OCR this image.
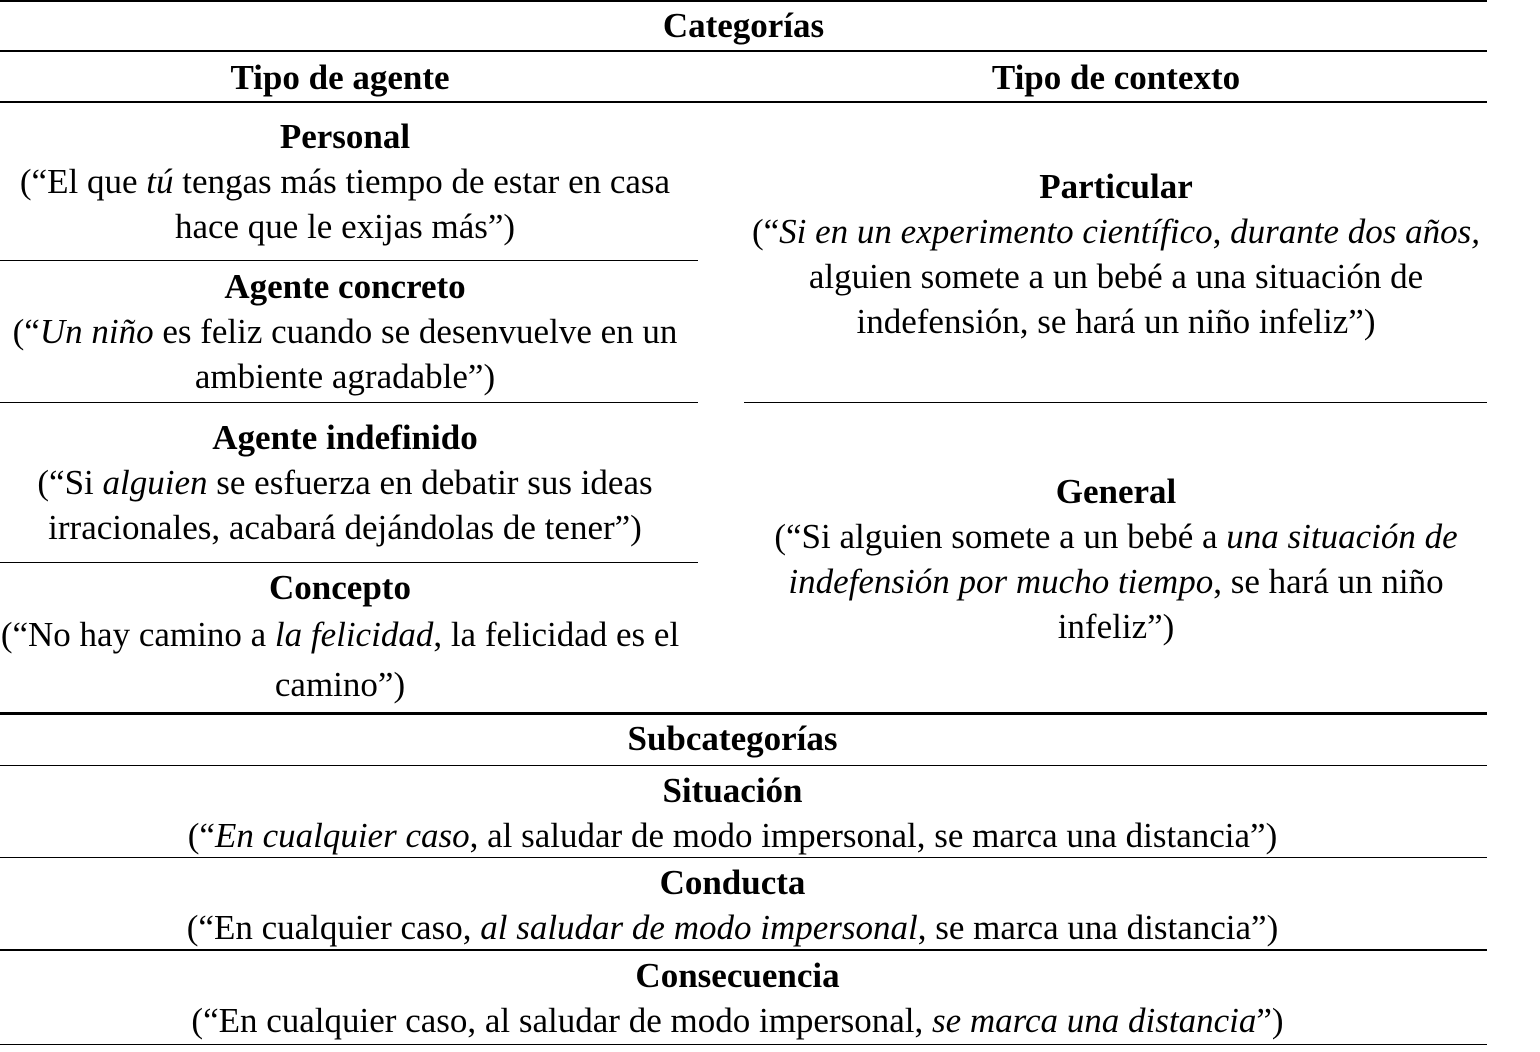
Categorías
Tipo de agente	Tipo de contexto
Personal
(“El que tú tengas más tiempo de estar en casa hace que le exijas más”)
Agente concreto
(“Un niño es feliz cuando se desenvuelve en un ambiente agradable”)
Agente indefinido
(“Si alguien se esfuerza en debatir sus ideas irracionales, acabará dejándolas de tener”)
Concepto
(“No hay camino a la felicidad, la felicidad es el camino”)
Particular
(“Si en un experimento científico, durante dos años, alguien somete a un bebé a una situación de indefensión, se hará un niño infeliz”)
General
(“Si alguien somete a un bebé a una situación de indefensión por mucho tiempo, se hará un niño infeliz”)
Subcategorías
Situación
(“En cualquier caso, al saludar de modo impersonal, se marca una distancia”)
Conducta
(“En cualquier caso, al saludar de modo impersonal, se marca una distancia”)
Consecuencia
(“En cualquier caso, al saludar de modo impersonal, se marca una distancia”)
